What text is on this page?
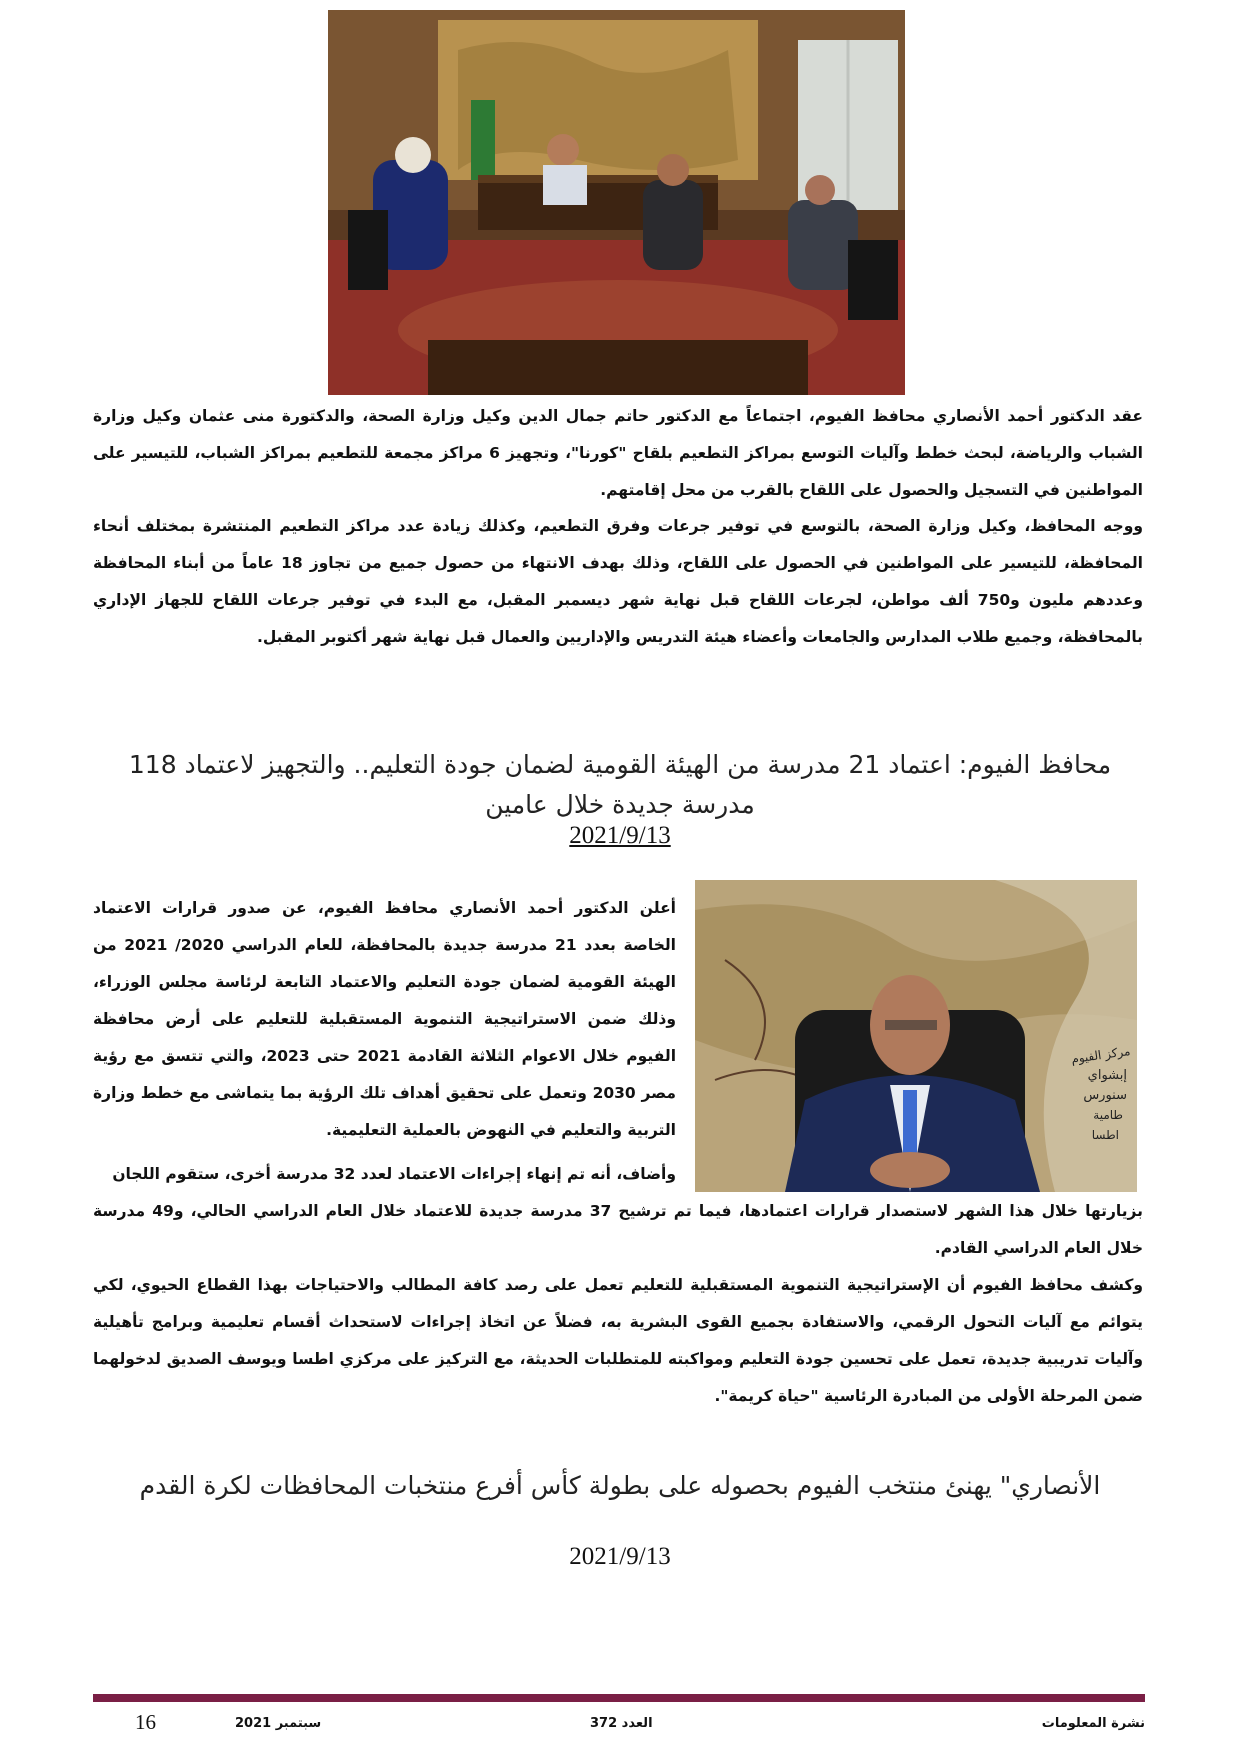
عقد الدكتور أحمد الأنصاري محافظ الفيوم، اجتماعاً مع الدكتور حاتم جمال الدين وكيل وزارة الصحة، والدكتورة منى عثمان وكيل وزارة الشباب والرياضة، لبحث خطط وآليات التوسع بمراكز التطعيم بلقاح "كورنا"، وتجهيز 6 مراكز مجمعة للتطعيم بمراكز الشباب، للتيسير على المواطنين في التسجيل والحصول على اللقاح بالقرب من محل إقامتهم.
ووجه المحافظ، وكيل وزارة الصحة، بالتوسع في توفير جرعات وفرق التطعيم، وكذلك زيادة عدد مراكز التطعيم المنتشرة بمختلف أنحاء المحافظة، للتيسير على المواطنين في الحصول على اللقاح، وذلك بهدف الانتهاء من حصول جميع من تجاوز 18 عاماً من أبناء المحافظة وعددهم مليون و750 ألف مواطن، لجرعات اللقاح قبل نهاية شهر ديسمبر المقبل، مع البدء في توفير جرعات اللقاح للجهاز الإداري بالمحافظة، وجميع طلاب المدارس والجامعات وأعضاء هيئة التدريس والإداريين والعمال قبل نهاية شهر أكتوبر المقبل.
محافظ الفيوم: اعتماد 21 مدرسة من الهيئة القومية لضمان جودة التعليم.. والتجهيز لاعتماد 118 مدرسة جديدة خلال عامين
2021/9/13
مركز الفيوم
إبشواي
سنورس
طامية
اطسا
أعلن الدكتور أحمد الأنصاري محافظ الفيوم، عن صدور قرارات الاعتماد الخاصة بعدد 21 مدرسة جديدة بالمحافظة، للعام الدراسي 2020/ 2021 من الهيئة القومية لضمان جودة التعليم والاعتماد التابعة لرئاسة مجلس الوزراء، وذلك ضمن الاستراتيجية التنموية المستقبلية للتعليم على أرض محافظة الفيوم خلال الاعوام الثلاثة القادمة 2021 حتى 2023، والتي تتسق مع رؤية مصر 2030 وتعمل على تحقيق أهداف تلك الرؤية بما يتماشى مع خطط وزارة التربية والتعليم في النهوض بالعملية التعليمية.
وأضاف، أنه تم إنهاء إجراءات الاعتماد لعدد 32 مدرسة أخرى، ستقوم اللجان
بزيارتها خلال هذا الشهر لاستصدار قرارات اعتمادها، فيما تم ترشيح 37 مدرسة جديدة للاعتماد خلال العام الدراسي الحالي، و49 مدرسة خلال العام الدراسي القادم.
وكشف محافظ الفيوم أن الإستراتيجية التنموية المستقبلية للتعليم تعمل على رصد كافة المطالب والاحتياجات بهذا القطاع الحيوي، لكي يتوائم مع آليات التحول الرقمي، والاستفادة بجميع القوى البشرية به، فضلاً عن اتخاذ إجراءات لاستحداث أقسام تعليمية وبرامج تأهيلية وآليات تدريبية جديدة، تعمل على تحسين جودة التعليم ومواكبته للمتطلبات الحديثة، مع التركيز على مركزي اطسا ويوسف الصديق لدخولهما ضمن المرحلة الأولى من المبادرة الرئاسية "حياة كريمة".
الأنصاري" يهنئ منتخب الفيوم بحصوله على بطولة كأس أفرع منتخبات المحافظات لكرة القدم
2021/9/13
نشرة المعلومات
العدد 372
سبتمبر 2021
16
